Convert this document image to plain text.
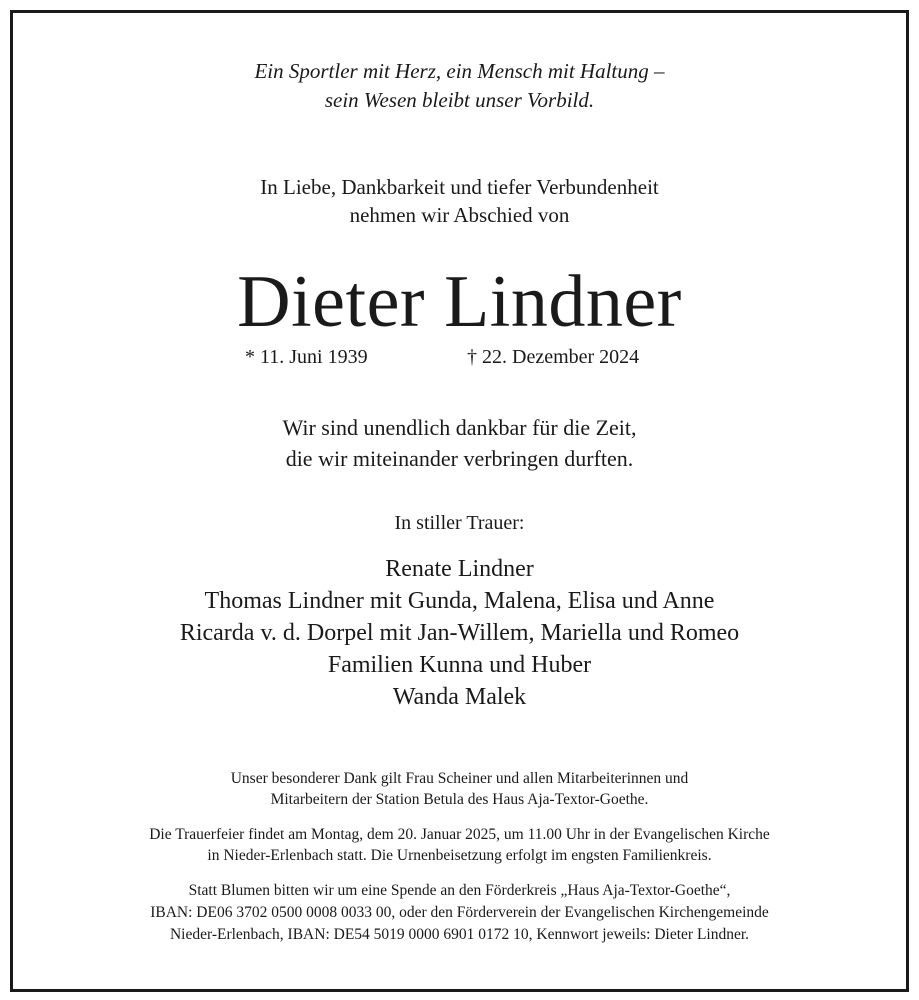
Ein Sportler mit Herz, ein Mensch mit Haltung –
sein Wesen bleibt unser Vorbild.
In Liebe, Dankbarkeit und tiefer Verbundenheit
nehmen wir Abschied von
Dieter Lindner
* 11. Juni 1939	† 22. Dezember 2024
Wir sind unendlich dankbar für die Zeit,
die wir miteinander verbringen durften.
In stiller Trauer:
Renate Lindner
Thomas Lindner mit Gunda, Malena, Elisa und Anne
Ricarda v. d. Dorpel mit Jan-Willem, Mariella und Romeo
Familien Kunna und Huber
Wanda Malek
Unser besonderer Dank gilt Frau Scheiner und allen Mitarbeiterinnen und
Mitarbeitern der Station Betula des Haus Aja-Textor-Goethe.
Die Trauerfeier findet am Montag, dem 20. Januar 2025, um 11.00 Uhr in der Evangelischen Kirche
in Nieder-Erlenbach statt. Die Urnenbeisetzung erfolgt im engsten Familienkreis.
Statt Blumen bitten wir um eine Spende an den Förderkreis „Haus Aja-Textor-Goethe“,
IBAN: DE06 3702 0500 0008 0033 00, oder den Förderverein der Evangelischen Kirchengemeinde
Nieder-Erlenbach, IBAN: DE54 5019 0000 6901 0172 10, Kennwort jeweils: Dieter Lindner.
